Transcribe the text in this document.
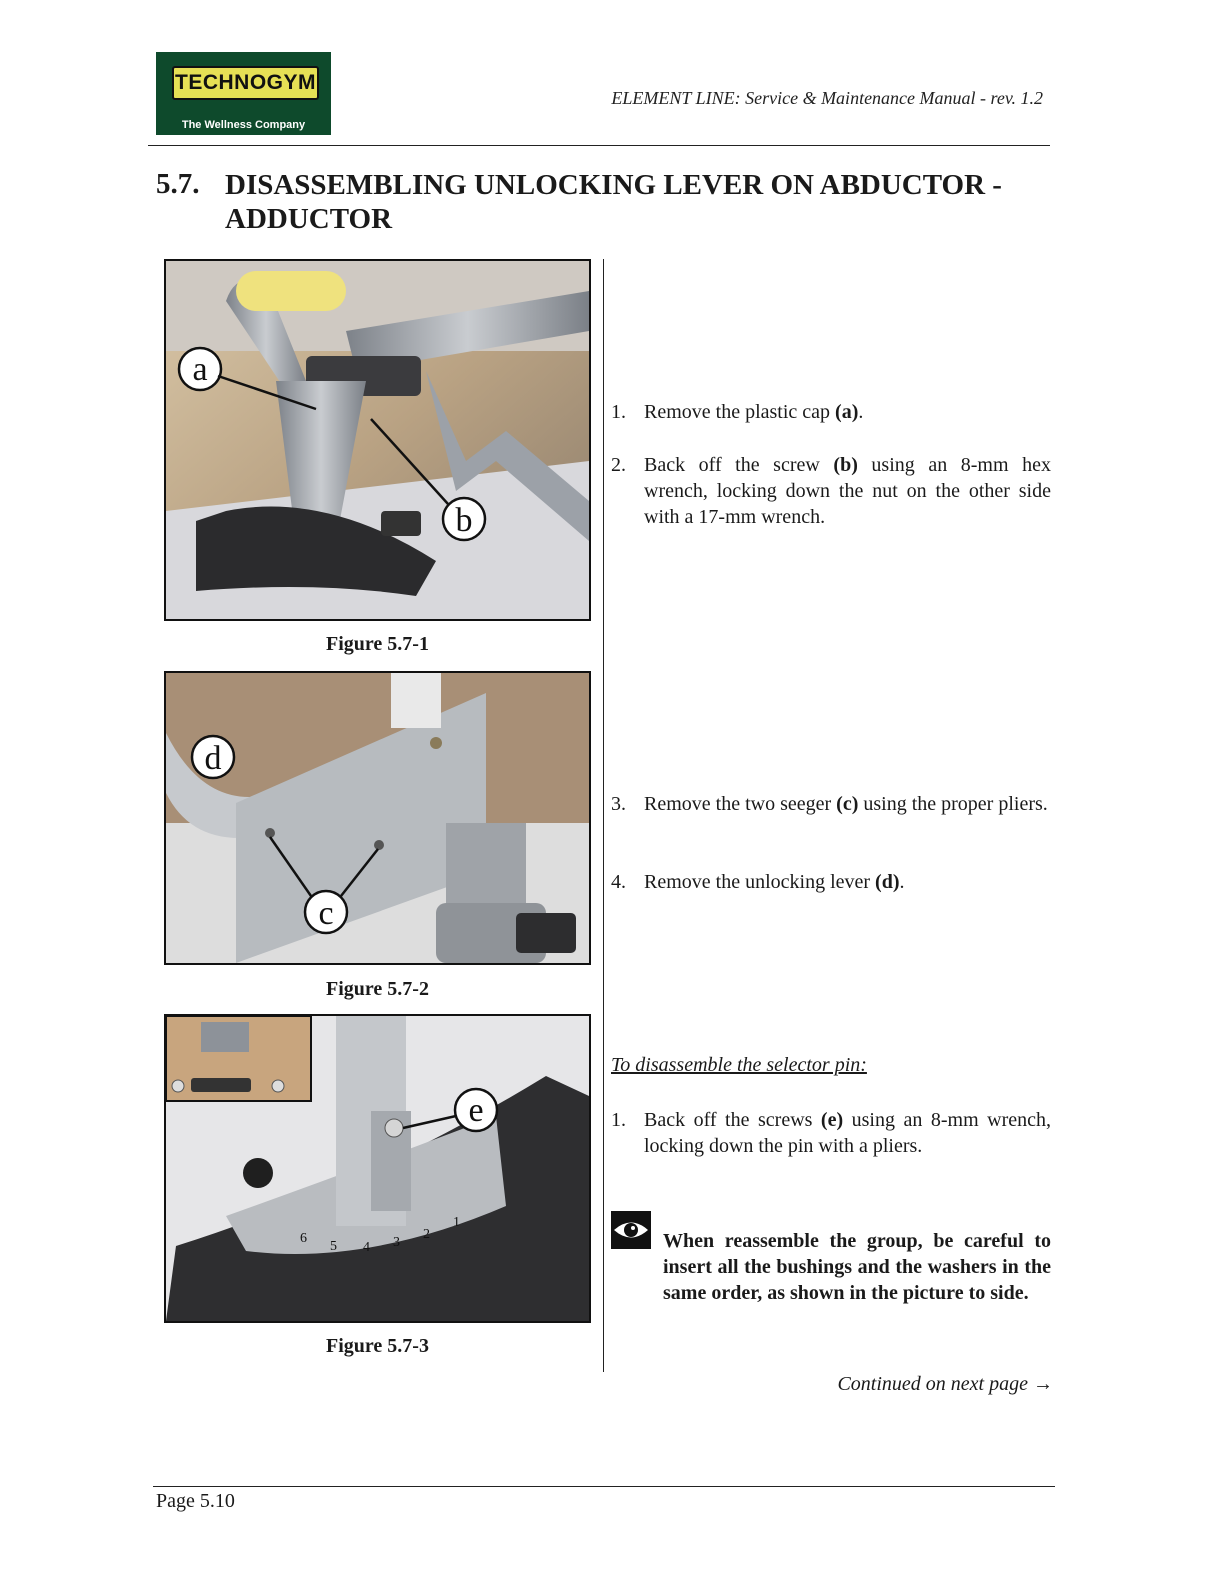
TECHNOGYM
The Wellness Company
ELEMENT LINE: Service & Maintenance Manual - rev. 1.2
5.7. DISASSEMBLING UNLOCKING LEVER ON ABDUCTOR - ADDUCTOR
a
b
Figure 5.7-1
d
c
Figure 5.7-2
6
5 4 3
2
1
e
Figure 5.7-3
1. Remove the plastic cap (a).
2. Back off the screw (b) using an 8-mm hex wrench, locking down the nut on the other side with a 17-mm wrench.
3. Remove the two seeger (c) using the proper pliers.
4. Remove the unlocking lever (d).
To disassemble the selector pin:
1. Back off the screws (e) using an 8-mm wrench, locking down the pin with a pliers.
When reassemble the group, be careful to insert all the bushings and the washers in the same order, as shown in the picture to side.
Continued on next page →
Page 5.10
